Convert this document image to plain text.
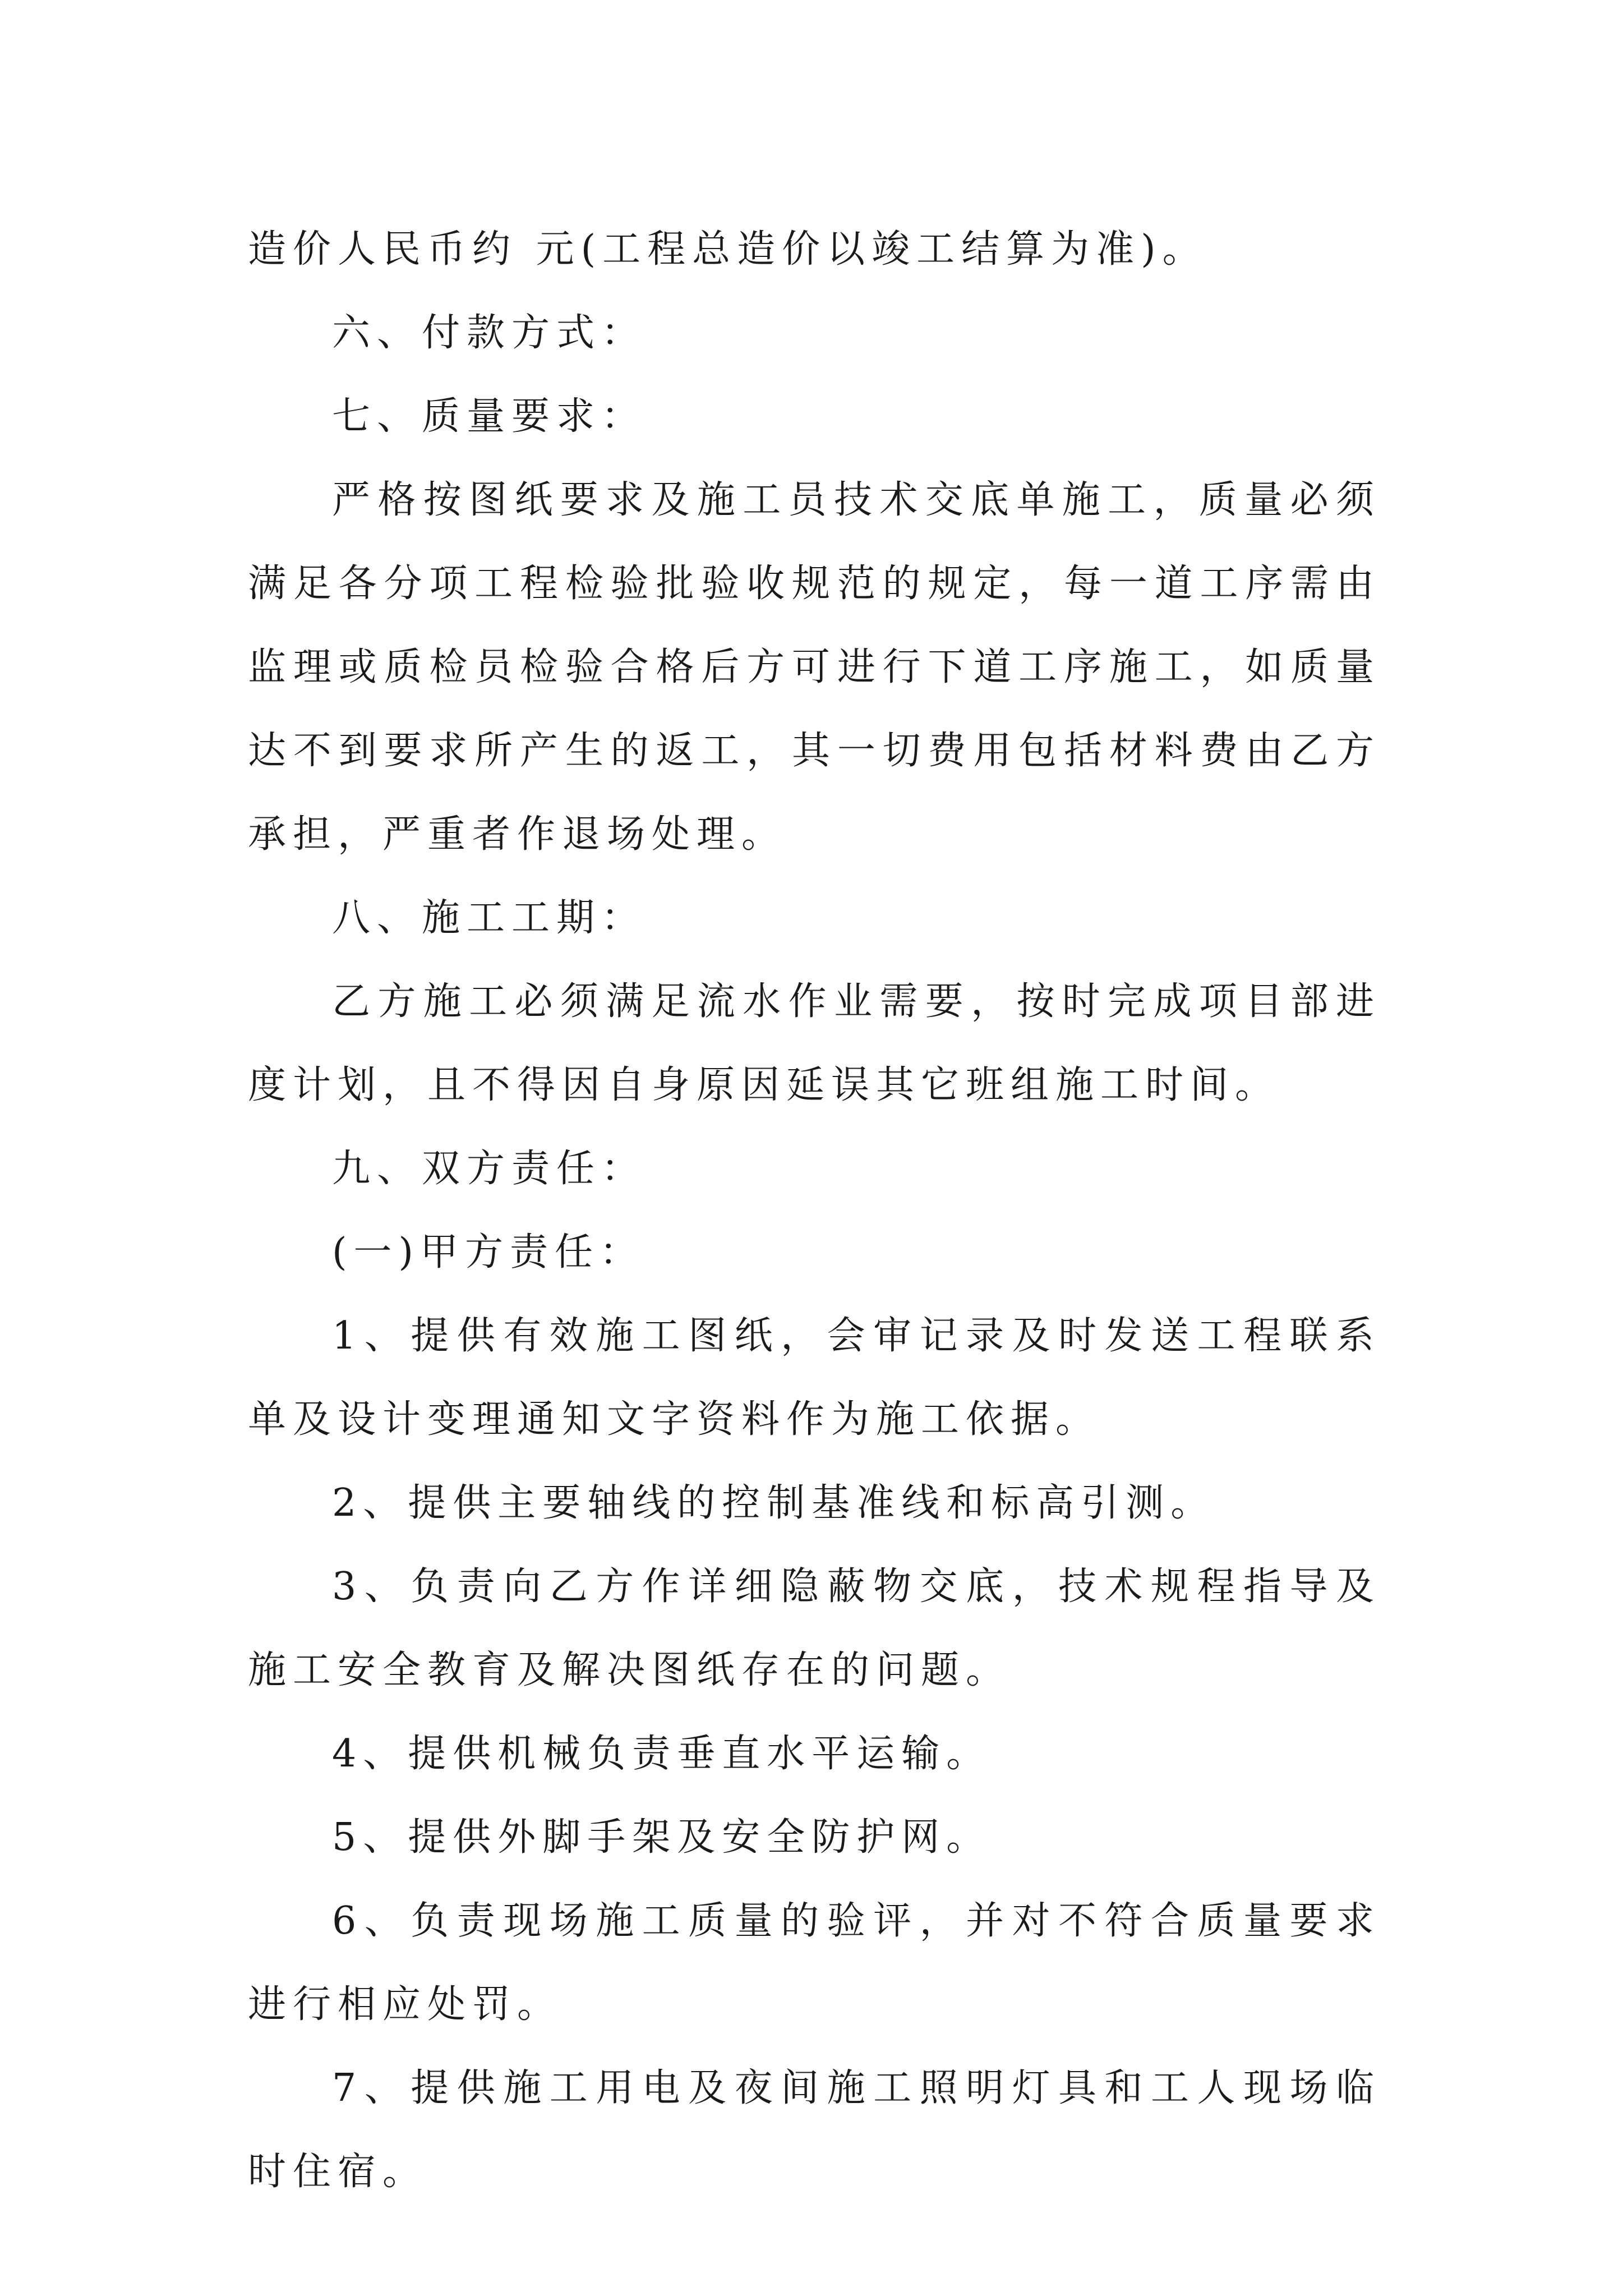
造价人民币约 元(工程总造价以竣工结算为准)。

六、付款方式：

七、质量要求：

严格按图纸要求及施工员技术交底单施工，质量必须满足各分项工程检验批验收规范的规定，每一道工序需由监理或质检员检验合格后方可进行下道工序施工，如质量达不到要求所产生的返工，其一切费用包括材料费由乙方承担，严重者作退场处理。

八、施工工期：

乙方施工必须满足流水作业需要，按时完成项目部进度计划，且不得因自身原因延误其它班组施工时间。

九、双方责任：

(一)甲方责任：

1、提供有效施工图纸，会审记录及时发送工程联系单及设计变理通知文字资料作为施工依据。

2、提供主要轴线的控制基准线和标高引测。

3、负责向乙方作详细隐蔽物交底，技术规程指导及施工安全教育及解决图纸存在的问题。

4、提供机械负责垂直水平运输。

5、提供外脚手架及安全防护网。

6、负责现场施工质量的验评，并对不符合质量要求进行相应处罚。

7、提供施工用电及夜间施工照明灯具和工人现场临时住宿。
